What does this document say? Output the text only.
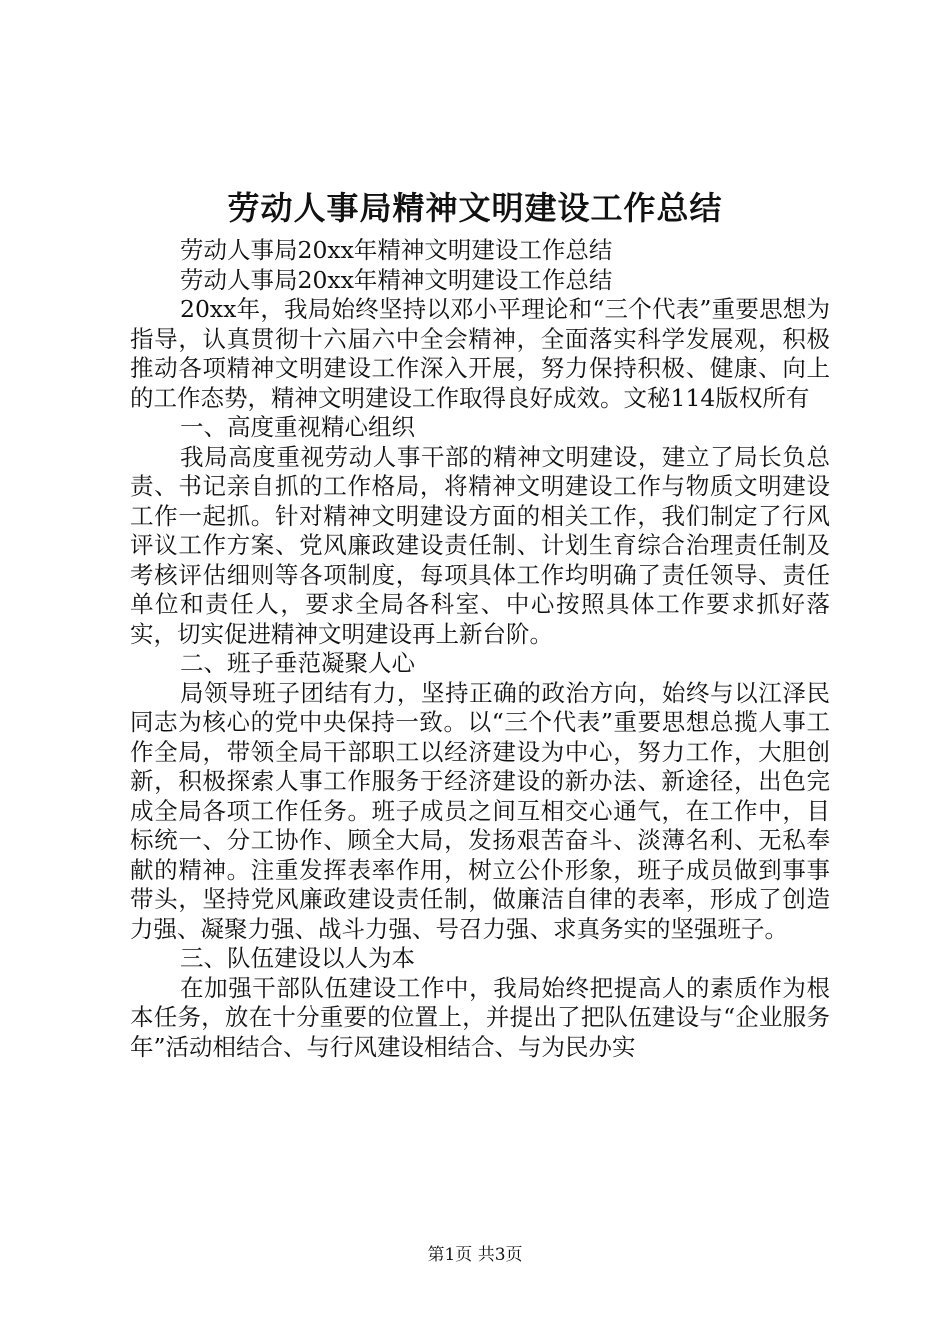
劳动人事局精神文明建设工作总结

劳动人事局20xx年精神文明建设工作总结

劳动人事局20xx年精神文明建设工作总结

20xx年，我局始终坚持以邓小平理论和“三个代表”重要思想为指导，认真贯彻十六届六中全会精神，全面落实科学发展观，积极推动各项精神文明建设工作深入开展，努力保持积极、健康、向上的工作态势，精神文明建设工作取得良好成效。文秘114版权所有

一、高度重视精心组织

我局高度重视劳动人事干部的精神文明建设，建立了局长负总责、书记亲自抓的工作格局，将精神文明建设工作与物质文明建设工作一起抓。针对精神文明建设方面的相关工作，我们制定了行风评议工作方案、党风廉政建设责任制、计划生育综合治理责任制及考核评估细则等各项制度，每项具体工作均明确了责任领导、责任单位和责任人，要求全局各科室、中心按照具体工作要求抓好落实，切实促进精神文明建设再上新台阶。

二、班子垂范凝聚人心

局领导班子团结有力，坚持正确的政治方向，始终与以江泽民同志为核心的党中央保持一致。以“三个代表”重要思想总揽人事工作全局，带领全局干部职工以经济建设为中心，努力工作，大胆创新，积极探索人事工作服务于经济建设的新办法、新途径，出色完成全局各项工作任务。班子成员之间互相交心通气，在工作中，目标统一、分工协作、顾全大局，发扬艰苦奋斗、淡薄名利、无私奉献的精神。注重发挥表率作用，树立公仆形象，班子成员做到事事带头，坚持党风廉政建设责任制，做廉洁自律的表率，形成了创造力强、凝聚力强、战斗力强、号召力强、求真务实的坚强班子。

三、队伍建设以人为本

在加强干部队伍建设工作中，我局始终把提高人的素质作为根本任务，放在十分重要的位置上，并提出了把队伍建设与“企业服务年”活动相结合、与行风建设相结合、与为民办实

第1页 共3页
